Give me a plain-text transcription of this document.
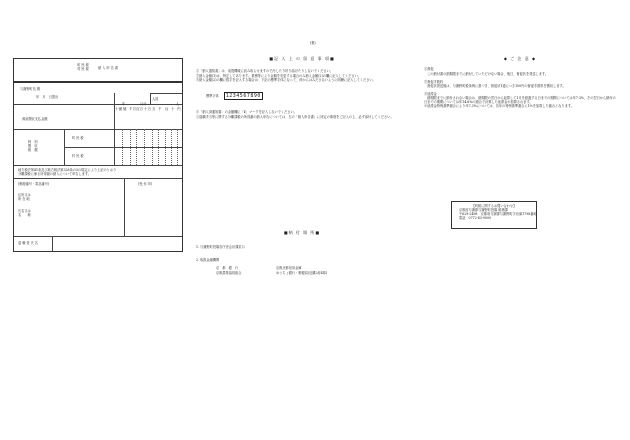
(裏)
町 民 税
村 民 税	納 入 申 告 書
与謝野町長 殿
年　月　日提出
年	月分
人員
人
十億 億 千万 百万 十万 万 千 百 十 円
源泉徴収支払金額
特　別
徴　収
税　額
町 民 税
村 民 税
地方税法第41条及び地方税法第328条の5の規定により上記のとおり
分離課税に係る所得割の納入について申告します。
(郵便番号・電話番号)
住所又は
所 在 地
氏名又は
名　　称
(受 付 印)
退 職 者 氏 名
■記 入 上 の 留 意 事 項■

①「納入通知書」は、前提機械に読み取らせますので汚したり折り曲げたりしないでください。

②納入金額(1)は、特定してあります。業務等により金額を変更する場合のみ納入金額(2)の欄に記入してください。

③納入金額(2)の欄に数字を記入する場合は、下記の標準字体になって、枠からはみださないように明瞭に記入してください。

標準字体 1234567890

④「納入済通知書」の金額欄に「¥」マークを記入しないでください。

⑤退職手当等に関する分離課税の所得割の納入申告については、左の「納入申告書」に所定の事項をご記入の上、必ず添付してください。

■納 付 場 所■
1. 与謝野町役場各庁舎会計課窓口
2. 取扱金融機関
京　都　銀　行	京都北都信用金庫
京都農業協同組合	ゆうちょ銀行・郵便局(近畿2府4県)
◆ ご 注 意 ◆

①督促

　この納付書の納期限までに納付していただけない場合、後日、督促状を発送します。

②督促手数料

　督促状発送後は、与謝野町税条例に基づき、督促状1通につき100円の督促手数料を徴収します。

③延滞金

　納期限までに納付されない場合は、納期限の翌日から起算して1月を経過する日までの期間については年7.3%、その翌日から納付の日までの期間については年14.6%の割合で計算した延滞金が加算されます。

※延滞金特例基準割合により年7.3%については、各年の特例基準割合に1%を加算した割合となります。

【町税に関するお問い合わせ】
京都府与謝郡与謝野町役場 税務課
〒629-2498　京都府与謝郡与謝野町字岩滝1798番地
電話　0772-43-9000
